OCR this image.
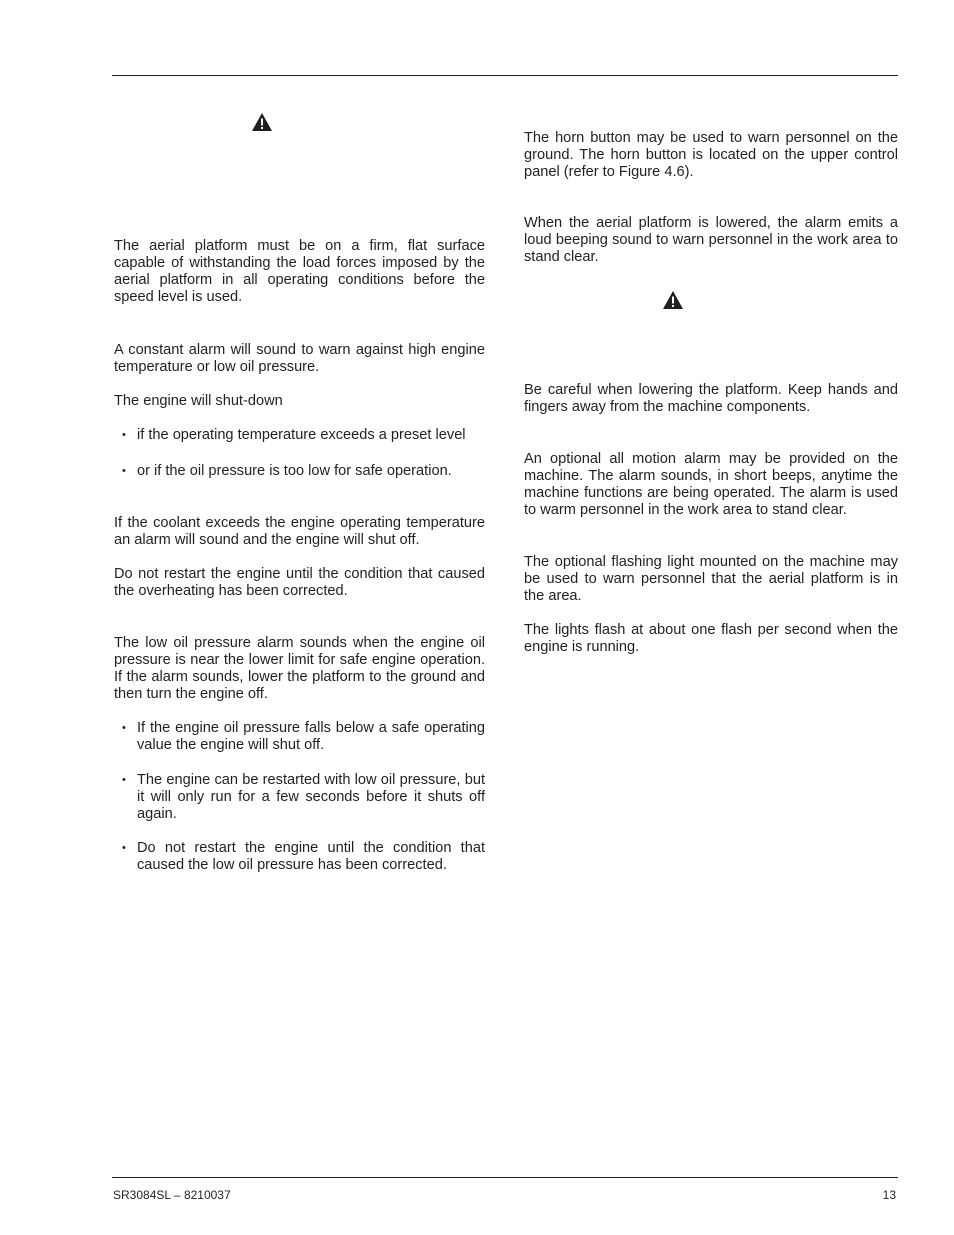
The aerial platform must be on a firm, flat surface capable of withstanding the load forces imposed by the aerial platform in all operating conditions before the speed level is used.

A constant alarm will sound to warn against high engine temperature or low oil pressure.

The engine will shut-down

• if the operating temperature exceeds a preset level
• or if the oil pressure is too low for safe operation.

If the coolant exceeds the engine operating temperature an alarm will sound and the engine will shut off.

Do not restart the engine until the condition that caused the overheating has been corrected.

The low oil pressure alarm sounds when the engine oil pressure is near the lower limit for safe engine operation. If the alarm sounds, lower the platform to the ground and then turn the engine off.

• If the engine oil pressure falls below a safe operating value the engine will shut off.
• The engine can be restarted with low oil pressure, but it will only run for a few seconds before it shuts off again.
• Do not restart the engine until the condition that caused the low oil pressure has been corrected.

The horn button may be used to warn personnel on the ground. The horn button is located on the upper control panel (refer to Figure 4.6).

When the aerial platform is lowered, the alarm emits a loud beeping sound to warn personnel in the work area to stand clear.

Be careful when lowering the platform. Keep hands and fingers away from the machine components.

An optional all motion alarm may be provided on the machine. The alarm sounds, in short beeps, anytime the machine functions are being operated. The alarm is used to warm personnel in the work area to stand clear.

The optional flashing light mounted on the machine may be used to warn personnel that the aerial platform is in the area.

The lights flash at about one flash per second when the engine is running.

SR3084SL – 8210037	13
